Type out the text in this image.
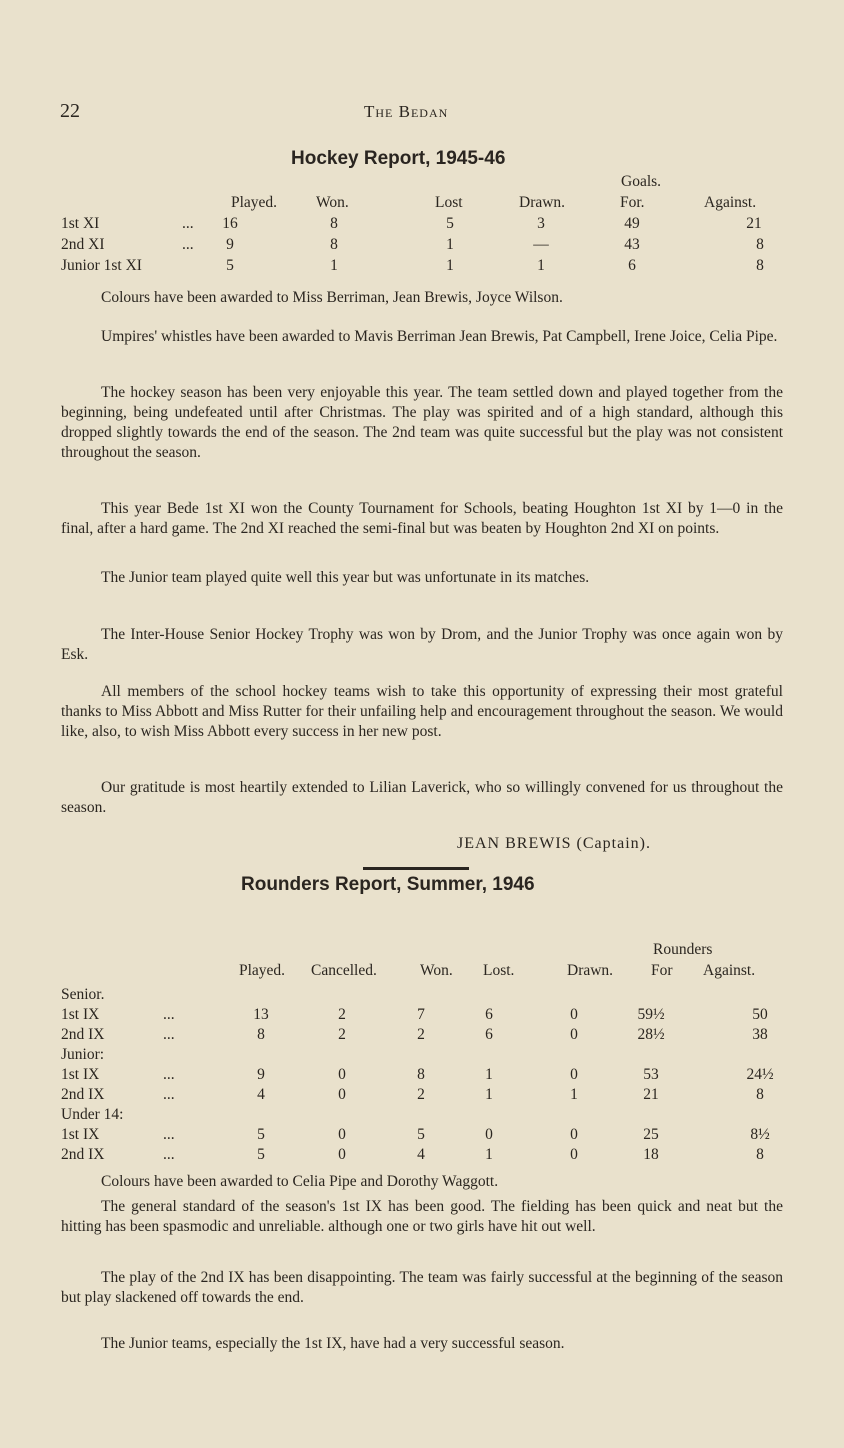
22	The Bedan
Hockey Report, 1945-46
Goals.
Played.	Won.	Lost	Drawn.	For.	Against.
1st XI	...	16	8	5	3	49	21
2nd XI	...	9	8	1	—	43	8
Junior 1st XI	5	1	1	1	6	8
Colours have been awarded to Miss Berriman, Jean Brewis, Joyce Wilson.
Umpires' whistles have been awarded to Mavis Berriman Jean Brewis, Pat Campbell, Irene Joice, Celia Pipe.
The hockey season has been very enjoyable this year. The team settled down and played together from the beginning, being undefeated until after Christmas. The play was spirited and of a high standard, although this dropped slightly towards the end of the season. The 2nd team was quite successful but the play was not consistent throughout the season.
This year Bede 1st XI won the County Tournament for Schools, beating Houghton 1st XI by 1—0 in the final, after a hard game. The 2nd XI reached the semi-final but was beaten by Houghton 2nd XI on points.
The Junior team played quite well this year but was unfortunate in its matches.
The Inter-House Senior Hockey Trophy was won by Drom, and the Junior Trophy was once again won by Esk.
All members of the school hockey teams wish to take this opportunity of expressing their most grateful thanks to Miss Abbott and Miss Rutter for their unfailing help and encouragement throughout the season. We would like, also, to wish Miss Abbott every success in her new post.
Our gratitude is most heartily extended to Lilian Laverick, who so willingly convened for us throughout the season.
JEAN BREWIS (Captain).
Rounders Report, Summer, 1946
Rounders
Played. Cancelled.	Won. Lost.	Drawn. For Against.
Senior.
1st IX	...	13	2	7	6	0	59½	50
2nd IX	...	8	2	2	6	0	28½	38
Junior:
1st IX	...	9	0	8	1	0	53	24½
2nd IX	...	4	0	2	1	1	21	8
Under 14:
1st IX	...	5	0	5	0	0	25	8½
2nd IX	...	5	0	4	1	0	18	8
Colours have been awarded to Celia Pipe and Dorothy Waggott.
The general standard of the season's 1st IX has been good. The fielding has been quick and neat but the hitting has been spasmodic and unreliable. although one or two girls have hit out well.
The play of the 2nd IX has been disappointing. The team was fairly successful at the beginning of the season but play slackened off towards the end.
The Junior teams, especially the 1st IX, have had a very successful season.
